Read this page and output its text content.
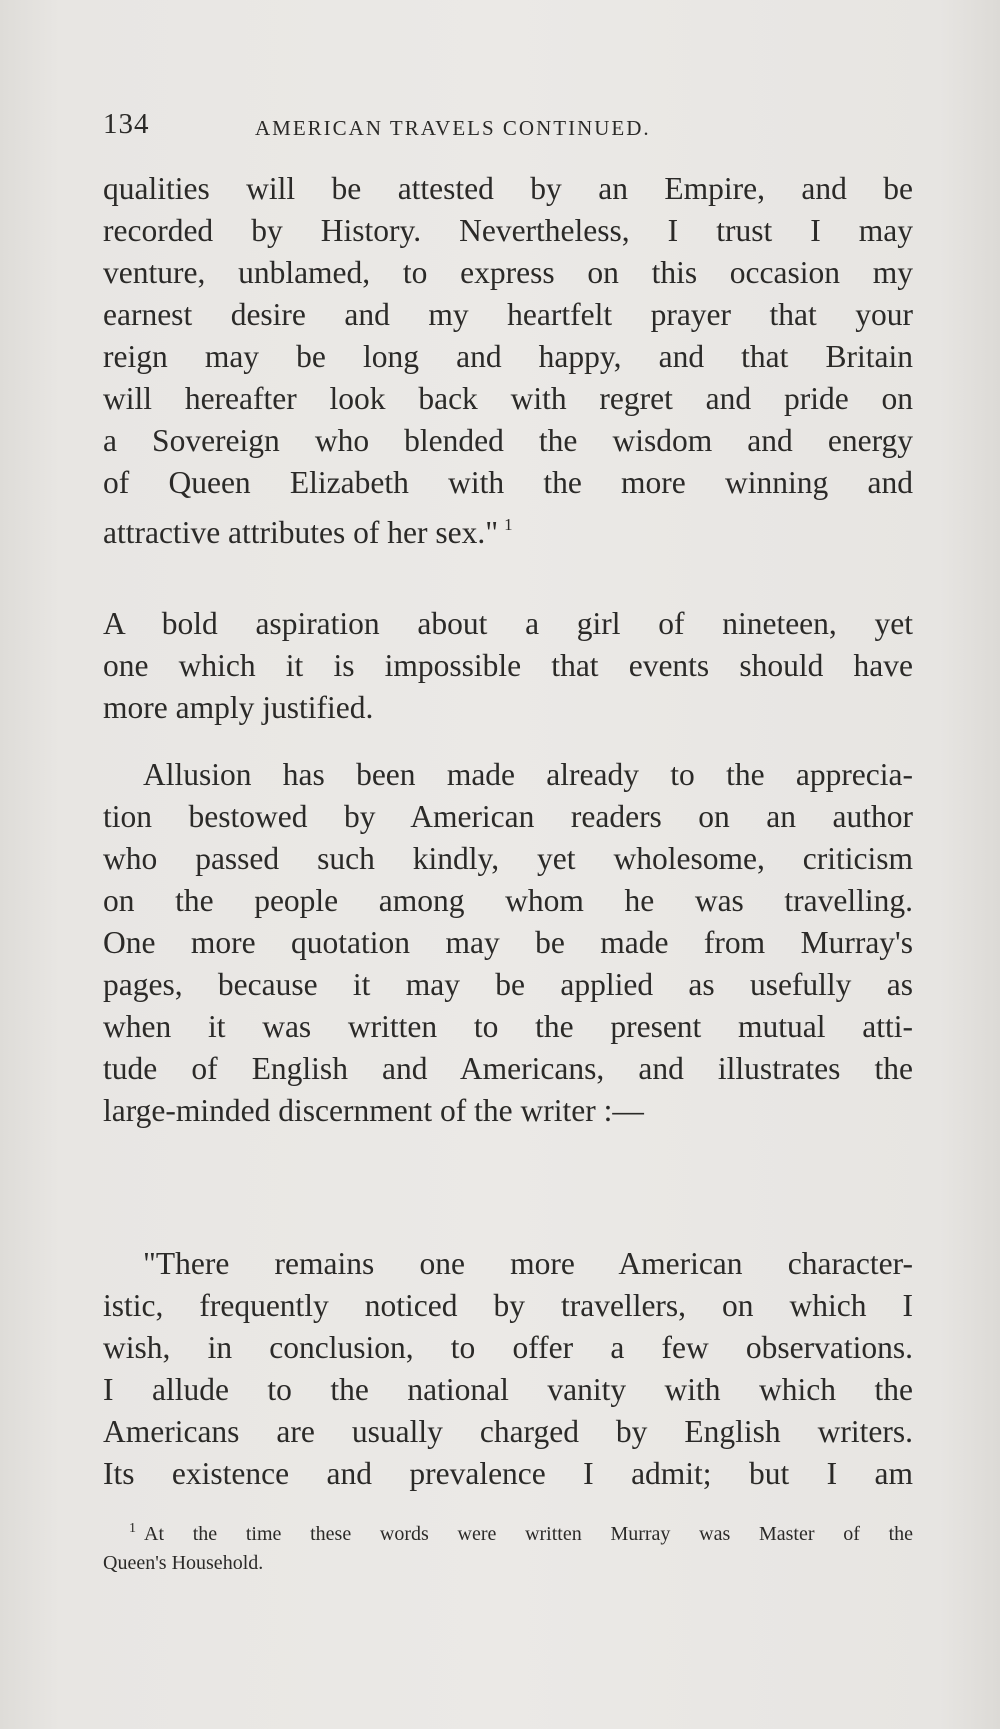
134	AMERICAN TRAVELS CONTINUED.
qualities will be attested by an Empire, and be
recorded by History. Nevertheless, I trust I may
venture, unblamed, to express on this occasion my
earnest desire and my heartfelt prayer that your
reign may be long and happy, and that Britain
will hereafter look back with regret and pride on
a Sovereign who blended the wisdom and energy
of Queen Elizabeth with the more winning and
attractive attributes of her sex." $^1$
A bold aspiration about a girl of nineteen, yet
one which it is impossible that events should have
more amply justified.
Allusion has been made already to the apprecia-
tion bestowed by American readers on an author
who passed such kindly, yet wholesome, criticism
on the people among whom he was travelling.
One more quotation may be made from Murray's
pages, because it may be applied as usefully as
when it was written to the present mutual atti-
tude of English and Americans, and illustrates the
large-minded discernment of the writer :—
"There remains one more American character-
istic, frequently noticed by travellers, on which I
wish, in conclusion, to offer a few observations.
I allude to the national vanity with which the
Americans are usually charged by English writers.
Its existence and prevalence I admit; but I am
$^1$ At the time these words were written Murray was Master of the
Queen's Household.
